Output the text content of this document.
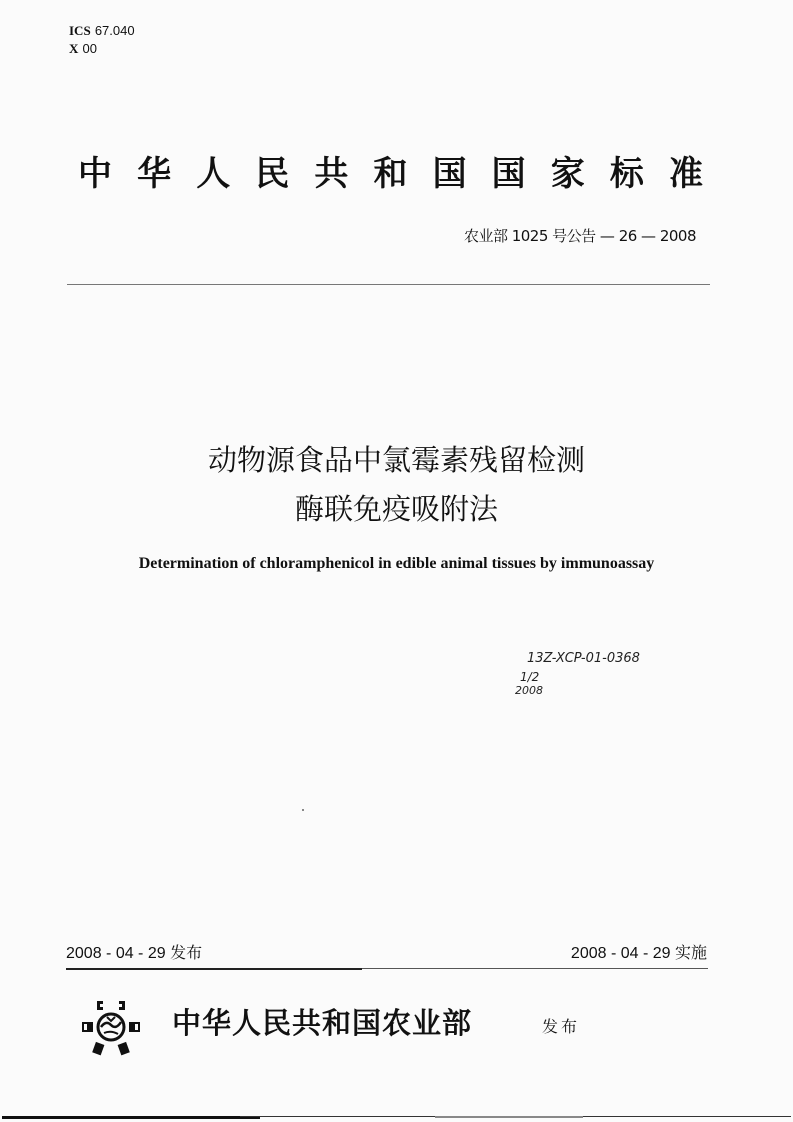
ICS 67.040
X 00
中 华 人 民 共 和 国 国 家 标 准
农业部 1025 号公告 — 26 — 2008
动物源食品中氯霉素残留检测
酶联免疫吸附法
Determination of chloramphenicol in edible animal tissues by immunoassay
13Z-XCP-01-0368
1/2
2008
2008 - 04 - 29 发布	2008 - 04 - 29 实施
中华人民共和国农业部	发布
